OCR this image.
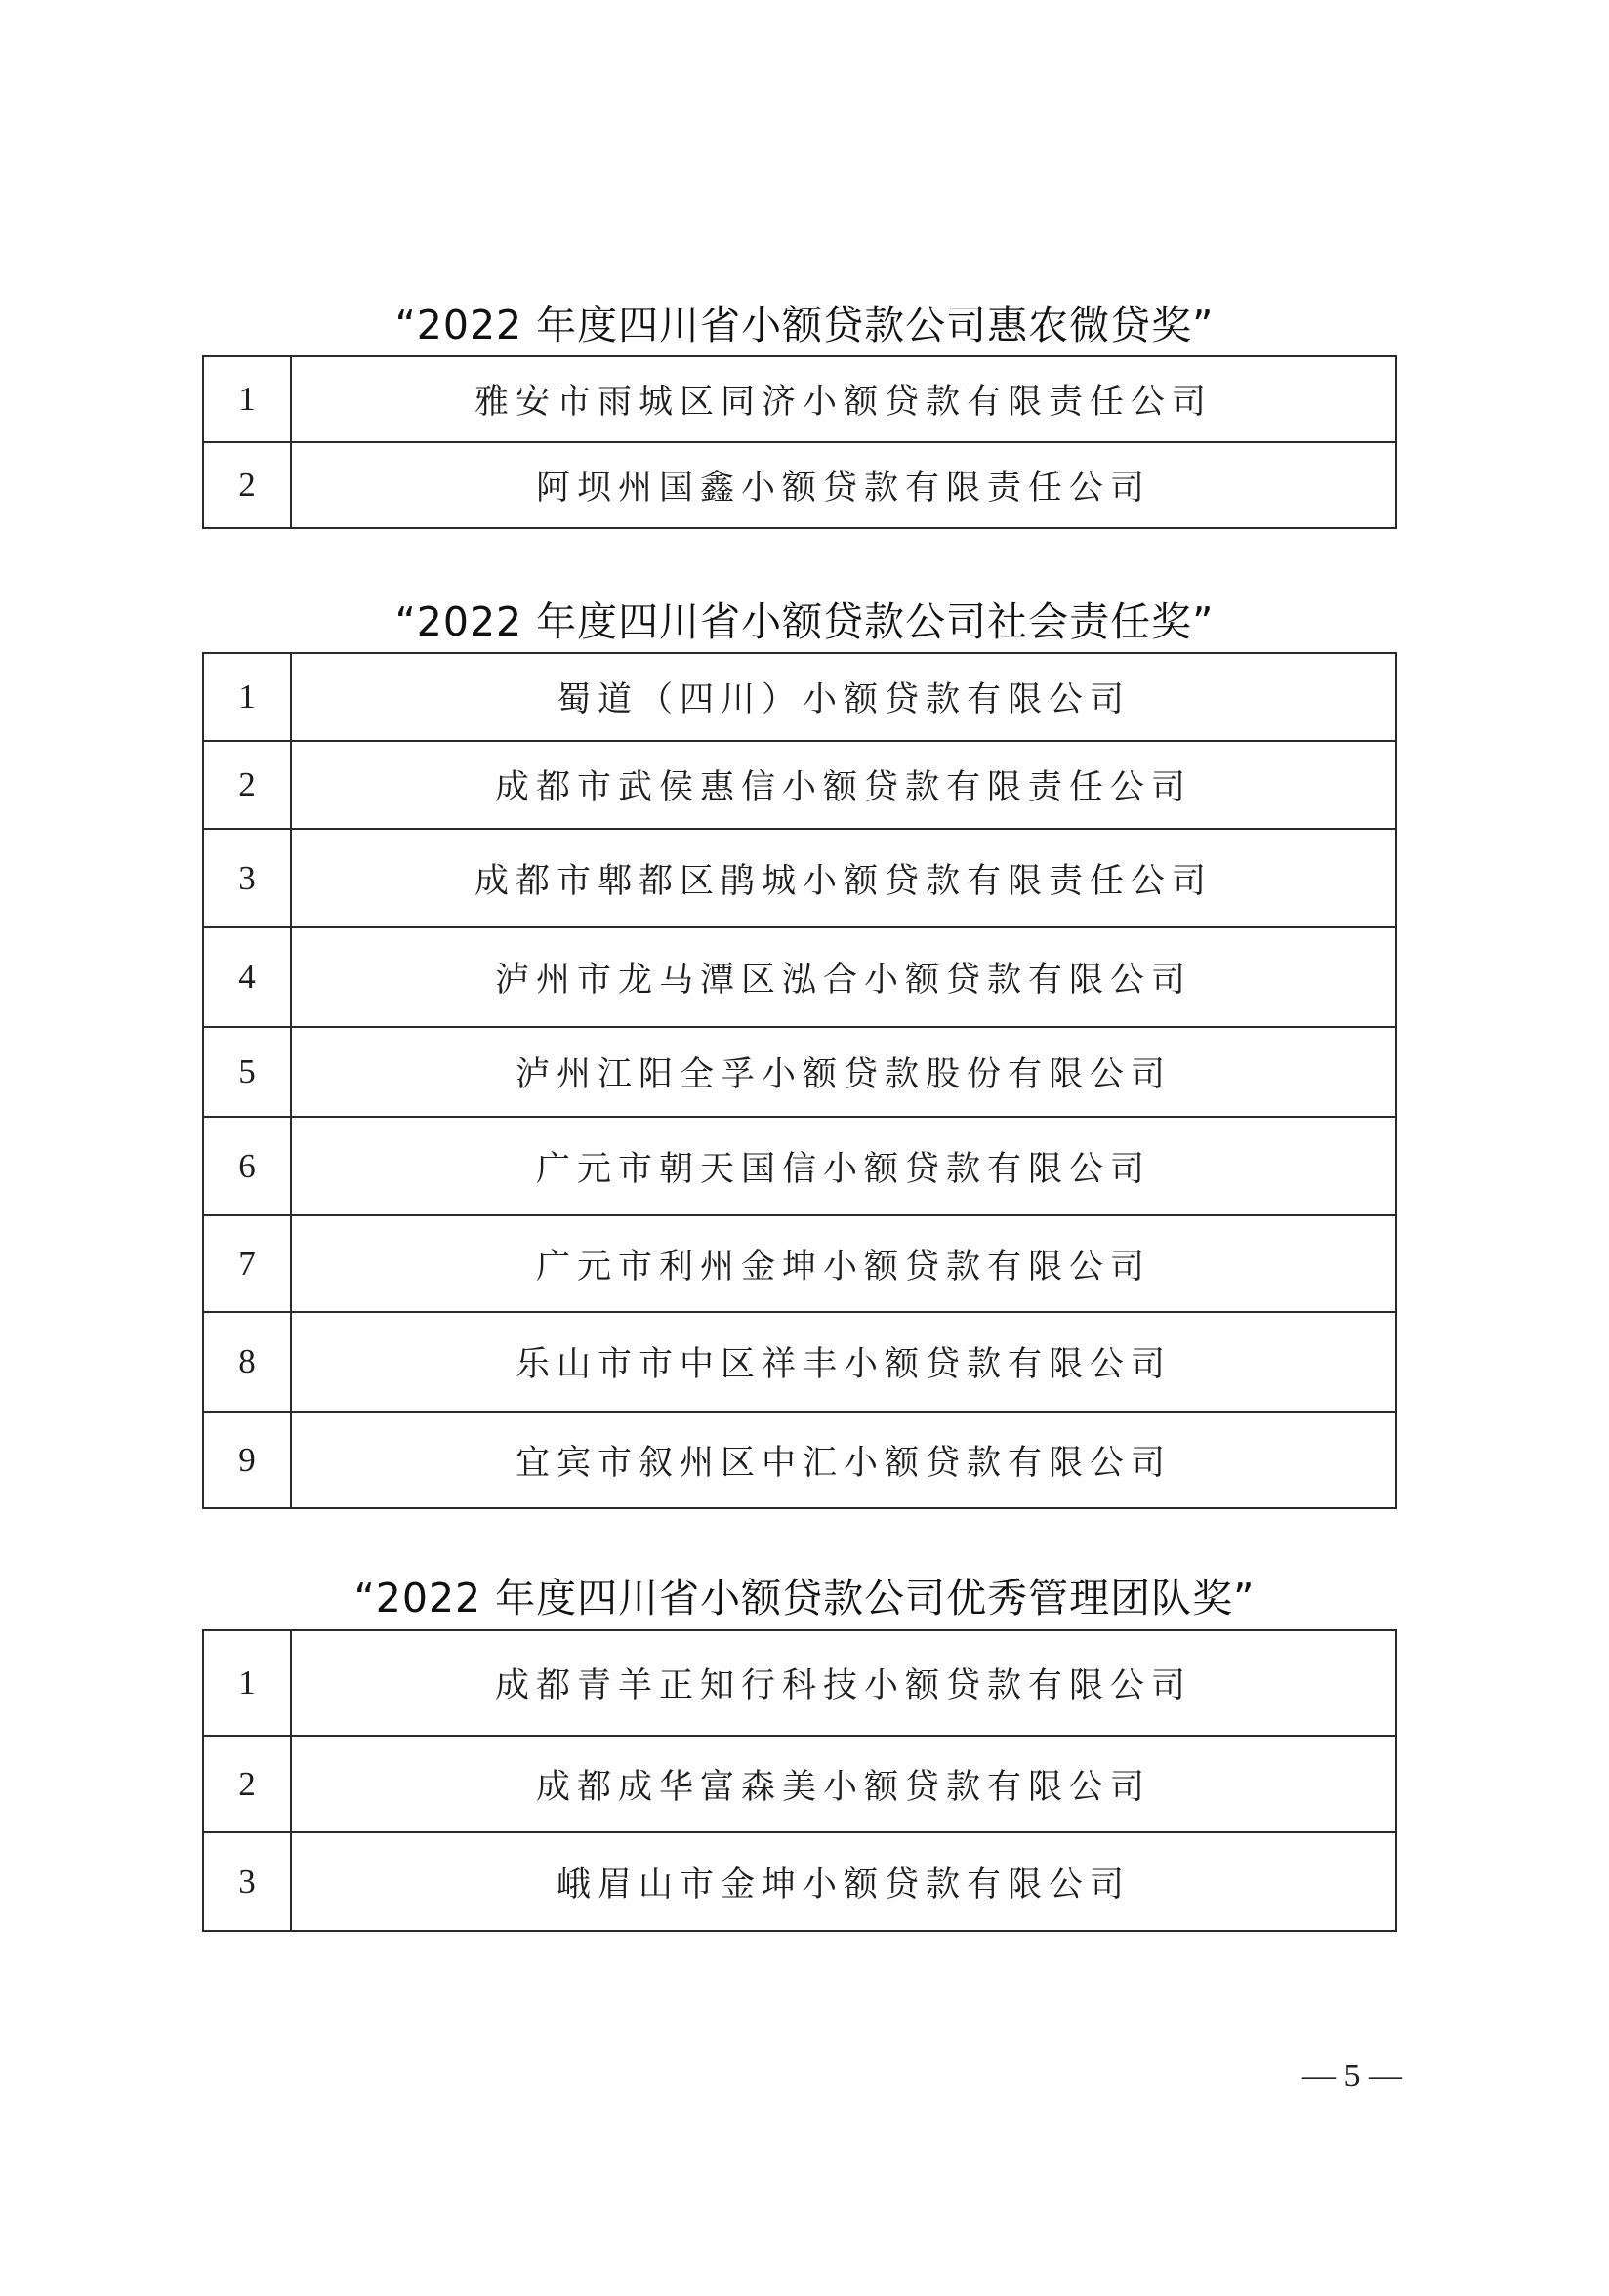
“2022 年度四川省小额贷款公司惠农微贷奖”
1	雅安市雨城区同济小额贷款有限责任公司
2	阿坝州国鑫小额贷款有限责任公司
“2022 年度四川省小额贷款公司社会责任奖”
1	蜀道（四川）小额贷款有限公司
2	成都市武侯惠信小额贷款有限责任公司
3	成都市郫都区鹃城小额贷款有限责任公司
4	泸州市龙马潭区泓合小额贷款有限公司
5	泸州江阳全孚小额贷款股份有限公司
6	广元市朝天国信小额贷款有限公司
7	广元市利州金坤小额贷款有限公司
8	乐山市市中区祥丰小额贷款有限公司
9	宜宾市叙州区中汇小额贷款有限公司
“2022 年度四川省小额贷款公司优秀管理团队奖”
1	成都青羊正知行科技小额贷款有限公司
2	成都成华富森美小额贷款有限公司
3	峨眉山市金坤小额贷款有限公司
— 5 —
